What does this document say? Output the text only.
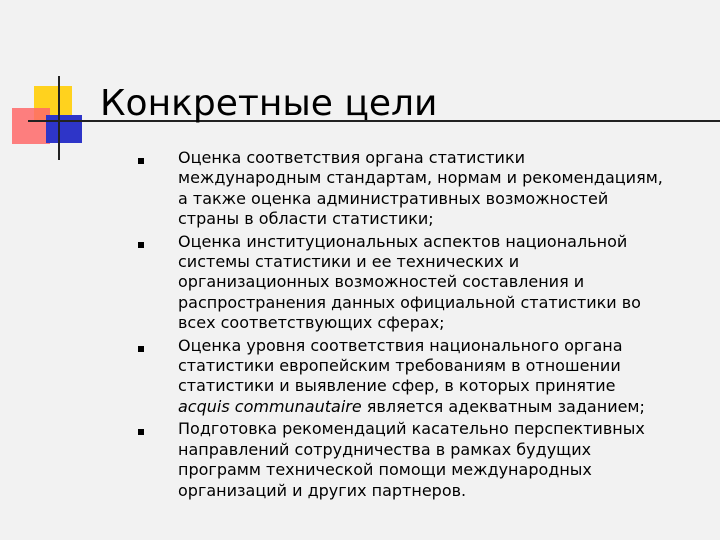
Конкретные цели
Оценка соответствия органа статистики
международным стандартам, нормам и рекомендациям,
а также оценка административных возможностей
страны в области статистики;
Оценка институциональных аспектов национальной
системы статистики и ее технических и
организационных возможностей составления и
распространения данных официальной статистики во
всех соответствующих сферах;
Оценка уровня соответствия национального органа
статистики европейским требованиям в отношении
статистики и выявление сфер, в которых принятие
acquis communautaire является адекватным заданием;
Подготовка рекомендаций касательно перспективных
направлений сотрудничества в рамках будущих
программ технической помощи международных
организаций и других партнеров.
